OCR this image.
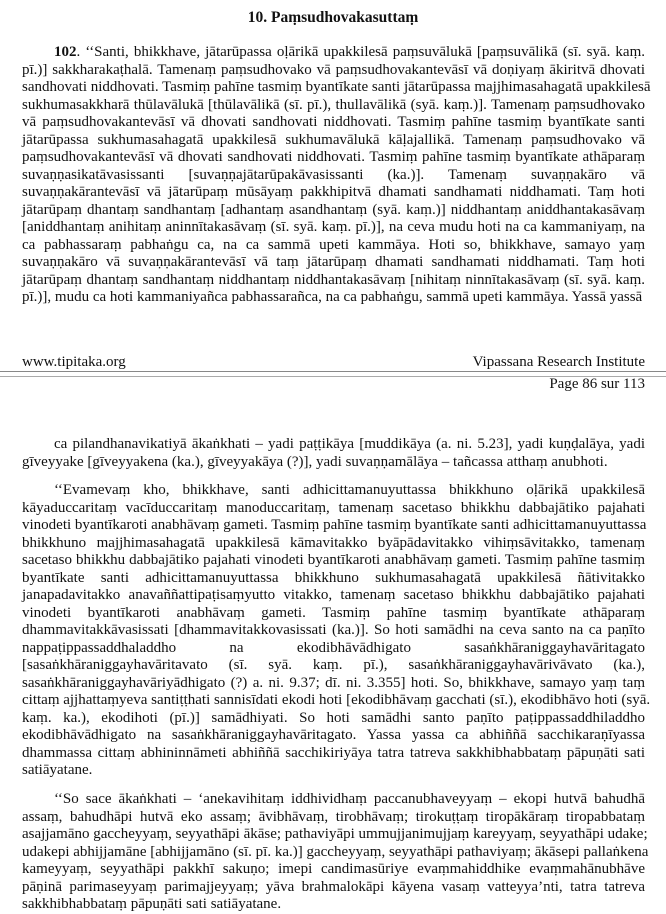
10. Paṃsudhovakasuttaṃ
102. ‘‘Santi, bhikkhave, jātarūpassa oḷārikā upakkilesā paṃsuvālukā [paṃsuvālikā (sī. syā. kaṃ.
pī.)] sakkharakaṭhalā. Tamenaṃ paṃsudhovako vā paṃsudhovakantevāsī vā doṇiyaṃ ākiritvā dhovati
sandhovati niddhovati. Tasmiṃ pahīne tasmiṃ byantīkate santi jātarūpassa majjhimasahagatā upakkilesā
sukhumasakkharā thūlavālukā [thūlavālikā (sī. pī.), thullavālikā (syā. kaṃ.)]. Tamenaṃ paṃsudhovako
vā paṃsudhovakantevāsī vā dhovati sandhovati niddhovati. Tasmiṃ pahīne tasmiṃ byantīkate santi
jātarūpassa sukhumasahagatā upakkilesā sukhumavālukā kāḷajallikā. Tamenaṃ paṃsudhovako vā
paṃsudhovakantevāsī vā dhovati sandhovati niddhovati. Tasmiṃ pahīne tasmiṃ byantīkate athāparaṃ
suvaṇṇasikatāvasissanti [suvaṇṇajātarūpakāvasissanti (ka.)]. Tamenaṃ suvaṇṇakāro vā
suvaṇṇakārantevāsī vā jātarūpaṃ mūsāyaṃ pakkhipitvā dhamati sandhamati niddhamati. Taṃ hoti
jātarūpaṃ dhantaṃ sandhantaṃ [adhantaṃ asandhantaṃ (syā. kaṃ.)] niddhantaṃ aniddhantakasāvaṃ
[aniddhantaṃ anihitaṃ aninnītakasāvaṃ (sī. syā. kaṃ. pī.)], na ceva mudu hoti na ca kammaniyaṃ, na
ca pabhassaraṃ pabhaṅgu ca, na ca sammā upeti kammāya. Hoti so, bhikkhave, samayo yaṃ
suvaṇṇakāro vā suvaṇṇakārantevāsī vā taṃ jātarūpaṃ dhamati sandhamati niddhamati. Taṃ hoti
jātarūpaṃ dhantaṃ sandhantaṃ niddhantaṃ niddhantakasāvaṃ [nihitaṃ ninnītakasāvaṃ (sī. syā. kaṃ.
pī.)], mudu ca hoti kammaniyañca pabhassarañca, na ca pabhaṅgu, sammā upeti kammāya. Yassā yassā
www.tipitaka.org	Vipassana Research Institute
Page 86 sur 113
ca pilandhanavikatiyā ākaṅkhati – yadi paṭṭikāya [muddikāya (a. ni. 5.23], yadi kuṇḍalāya, yadi
gīveyyake [gīveyyakena (ka.), gīveyyakāya (?)], yadi suvaṇṇamālāya – tañcassa atthaṃ anubhoti.
‘‘Evamevaṃ kho, bhikkhave, santi adhicittamanuyuttassa bhikkhuno oḷārikā upakkilesā
kāyaduccaritaṃ vacīduccaritaṃ manoduccaritaṃ, tamenaṃ sacetaso bhikkhu dabbajātiko pajahati
vinodeti byantīkaroti anabhāvaṃ gameti. Tasmiṃ pahīne tasmiṃ byantīkate santi adhicittamanuyuttassa
bhikkhuno majjhimasahagatā upakkilesā kāmavitakko byāpādavitakko vihiṃsāvitakko, tamenaṃ
sacetaso bhikkhu dabbajātiko pajahati vinodeti byantīkaroti anabhāvaṃ gameti. Tasmiṃ pahīne tasmiṃ
byantīkate santi adhicittamanuyuttassa bhikkhuno sukhumasahagatā upakkilesā ñātivitakko
janapadavitakko anavaññattipaṭisaṃyutto vitakko, tamenaṃ sacetaso bhikkhu dabbajātiko pajahati
vinodeti byantīkaroti anabhāvaṃ gameti. Tasmiṃ pahīne tasmiṃ byantīkate athāparaṃ
dhammavitakkāvasissati [dhammavitakkovasissati (ka.)]. So hoti samādhi na ceva santo na ca paṇīto
nappaṭippassaddhaladdho na ekodibhāvādhigato sasaṅkhāraniggayhavāritagato
[sasaṅkhāraniggayhavāritavato (sī. syā. kaṃ. pī.), sasaṅkhāraniggayhavārivāvato (ka.),
sasaṅkhāraniggayhavāriyādhigato (?) a. ni. 9.37; dī. ni. 3.355] hoti. So, bhikkhave, samayo yaṃ taṃ
cittaṃ ajjhattaṃyeva santiṭṭhati sannisīdati ekodi hoti [ekodibhāvaṃ gacchati (sī.), ekodibhāvo hoti (syā.
kaṃ. ka.), ekodihoti (pī.)] samādhiyati. So hoti samādhi santo paṇīto paṭippassaddhiladdho
ekodibhāvādhigato na sasaṅkhāraniggayhavāritagato. Yassa yassa ca abhiññā sacchikaraṇīyassa
dhammassa cittaṃ abhininnāmeti abhiññā sacchikiriyāya tatra tatreva sakkhibhabbataṃ pāpuṇāti sati
satiāyatane.
‘‘So sace ākaṅkhati – ‘anekavihitaṃ iddhividhaṃ paccanubhaveyyaṃ – ekopi hutvā bahudhā
assaṃ, bahudhāpi hutvā eko assaṃ; āvibhāvaṃ, tirobhāvaṃ; tirokuṭṭaṃ tiropākāraṃ tiropabbataṃ
asajjamāno gaccheyyaṃ, seyyathāpi ākāse; pathaviyāpi ummujjanimujjaṃ kareyyaṃ, seyyathāpi udake;
udakepi abhijjamāne [abhijjamāno (sī. pī. ka.)] gaccheyyaṃ, seyyathāpi pathaviyaṃ; ākāsepi pallaṅkena
kameyyaṃ, seyyathāpi pakkhī sakuṇo; imepi candimasūriye evaṃmahiddhike evaṃmahānubhāve
pāṇinā parimaseyyaṃ parimajjeyyaṃ; yāva brahmalokāpi kāyena vasaṃ vatteyya’nti, tatra tatreva
sakkhibhabbataṃ pāpuṇāti sati satiāyatane.
